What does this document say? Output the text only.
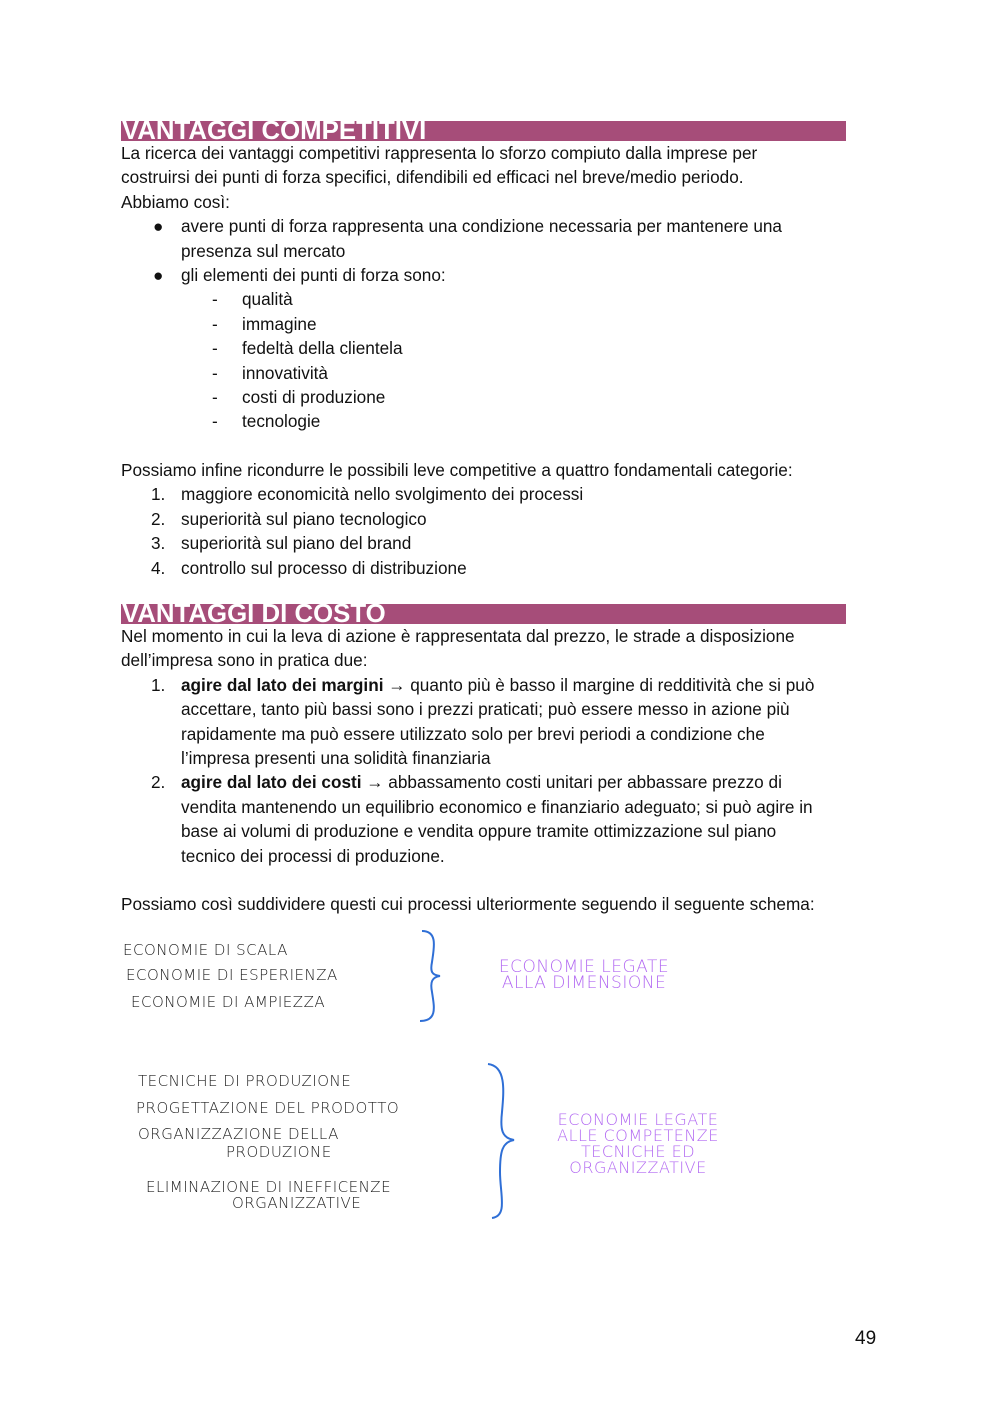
VANTAGGI COMPETITIVI

La ricerca dei vantaggi competitivi rappresenta lo sforzo compiuto dalla imprese per

costruirsi dei punti di forza specifici, difendibili ed efficaci nel breve/medio periodo.

Abbiamo così:

● avere punti di forza rappresenta una condizione necessaria per mantenere una
presenza sul mercato
● gli elementi dei punti di forza sono:
- qualità
- immagine
- fedeltà della clientela
- innovatività
- costi di produzione
- tecnologie

Possiamo infine ricondurre le possibili leve competitive a quattro fondamentali categorie:

1. maggiore economicità nello svolgimento dei processi
2. superiorità sul piano tecnologico
3. superiorità sul piano del brand
4. controllo sul processo di distribuzione
VANTAGGI DI COSTO

Nel momento in cui la leva di azione è rappresentata dal prezzo, le strade a disposizione

dell’impresa sono in pratica due:

1. agire dal lato dei margini → quanto più è basso il margine di redditività che si può
accettare, tanto più bassi sono i prezzi praticati; può essere messo in azione più
rapidamente ma può essere utilizzato solo per brevi periodi a condizione che
l’impresa presenti una solidità finanziaria
2. agire dal lato dei costi → abbassamento costi unitari per abbassare prezzo di
vendita mantenendo un equilibrio economico e finanziario adeguato; si può agire in
base ai volumi di produzione e vendita oppure tramite ottimizzazione sul piano
tecnico dei processi di produzione.

Possiamo così suddividere questi cui processi ulteriormente seguendo il seguente schema:

ECONOMIE DI SCALA
ECONOMIE DI ESPERIENZA
ECONOMIE DI AMPIEZZA
ECONOMIE LEGATE
ALLA DIMENSIONE
TECNICHE DI PRODUZIONE
PROGETTAZIONE DEL PRODOTTO
ORGANIZZAZIONE DELLA
PRODUZIONE
ELIMINAZIONE DI INEFFICENZE
ORGANIZZATIVE
ECONOMIE LEGATE
ALLE COMPETENZE
TECNICHE ED
ORGANIZZATIVE
49
